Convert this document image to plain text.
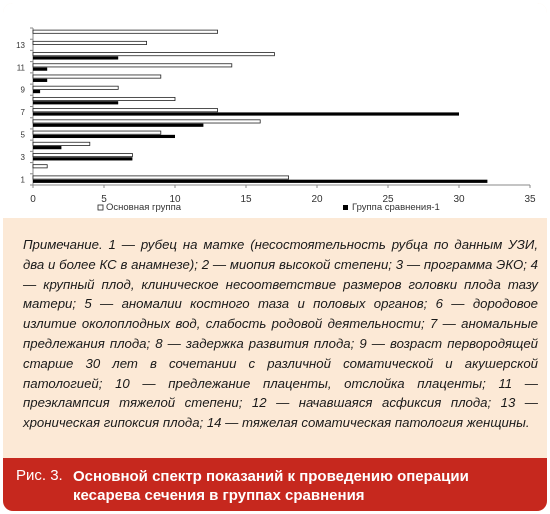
0	5	10	15	20	25	30	35
1
3
5
7
9
11
13
Основная группа	Группа сравнения-1
Примечание. 1 — рубец на матке (несостоятельность рубца по данным УЗИ, два и более КС в анамнезе); 2 — миопия высокой степени; 3 — программа ЭКО; 4 — крупный плод, клиническое несоответствие размеров головки плода тазу матери; 5 — аномалии костного таза и половых органов; 6 — дородовое излитие околоплодных вод, слабость родовой деятельности; 7 — аномальные предлежания плода; 8 — задержка развития плода; 9 — возраст первородящей старше 30 лет в сочетании с различной соматической и акушерской патологией; 10 — предлежание плаценты, отслойка плаценты; 11 — преэклампсия тяжелой степени; 12 — начавшаяся асфиксия плода; 13 — хроническая гипоксия плода; 14 — тяжелая соматическая патология женщины.
Рис. 3. Основной спектр показаний к проведению операции кесарева сечения в группах сравнения
